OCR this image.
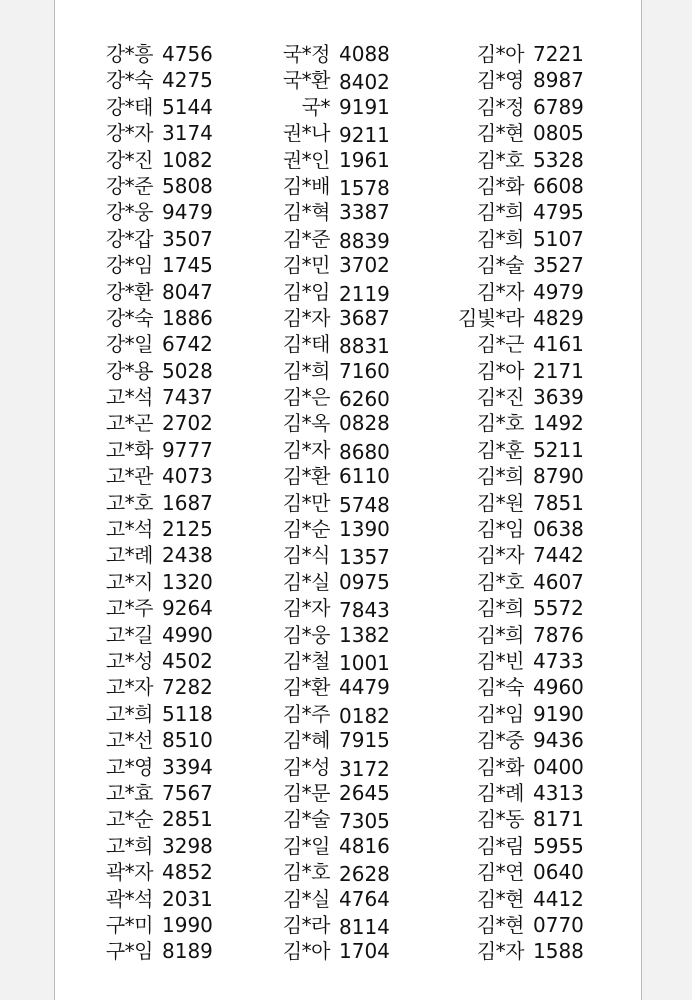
강*흥 4756
강*숙 4275
강*태 5144
강*자 3174
강*진 1082
강*준 5808
강*웅 9479
강*갑 3507
강*임 1745
강*환 8047
강*숙 1886
강*일 6742
강*용 5028
고*석 7437
고*곤 2702
고*화 9777
고*관 4073
고*호 1687
고*석 2125
고*례 2438
고*지 1320
고*주 9264
고*길 4990
고*성 4502
고*자 7282
고*희 5118
고*선 8510
고*영 3394
고*효 7567
고*순 2851
고*희 3298
곽*자 4852
곽*석 2031
구*미 1990
구*임 8189
국*정 4088
국*환 8402
국* 9191
권*나 9211
권*인 1961
김*배 1578
김*혁 3387
김*준 8839
김*민 3702
김*임 2119
김*자 3687
김*태 8831
김*희 7160
김*은 6260
김*옥 0828
김*자 8680
김*환 6110
김*만 5748
김*순 1390
김*식 1357
김*실 0975
김*자 7843
김*웅 1382
김*철 1001
김*환 4479
김*주 0182
김*혜 7915
김*성 3172
김*문 2645
김*술 7305
김*일 4816
김*호 2628
김*실 4764
김*라 8114
김*아 1704
김*아 7221
김*영 8987
김*정 6789
김*현 0805
김*호 5328
김*화 6608
김*희 4795
김*희 5107
김*술 3527
김*자 4979
김빛*라 4829
김*근 4161
김*아 2171
김*진 3639
김*호 1492
김*훈 5211
김*희 8790
김*원 7851
김*임 0638
김*자 7442
김*호 4607
김*희 5572
김*희 7876
김*빈 4733
김*숙 4960
김*임 9190
김*중 9436
김*화 0400
김*례 4313
김*동 8171
김*림 5955
김*연 0640
김*현 4412
김*현 0770
김*자 1588
